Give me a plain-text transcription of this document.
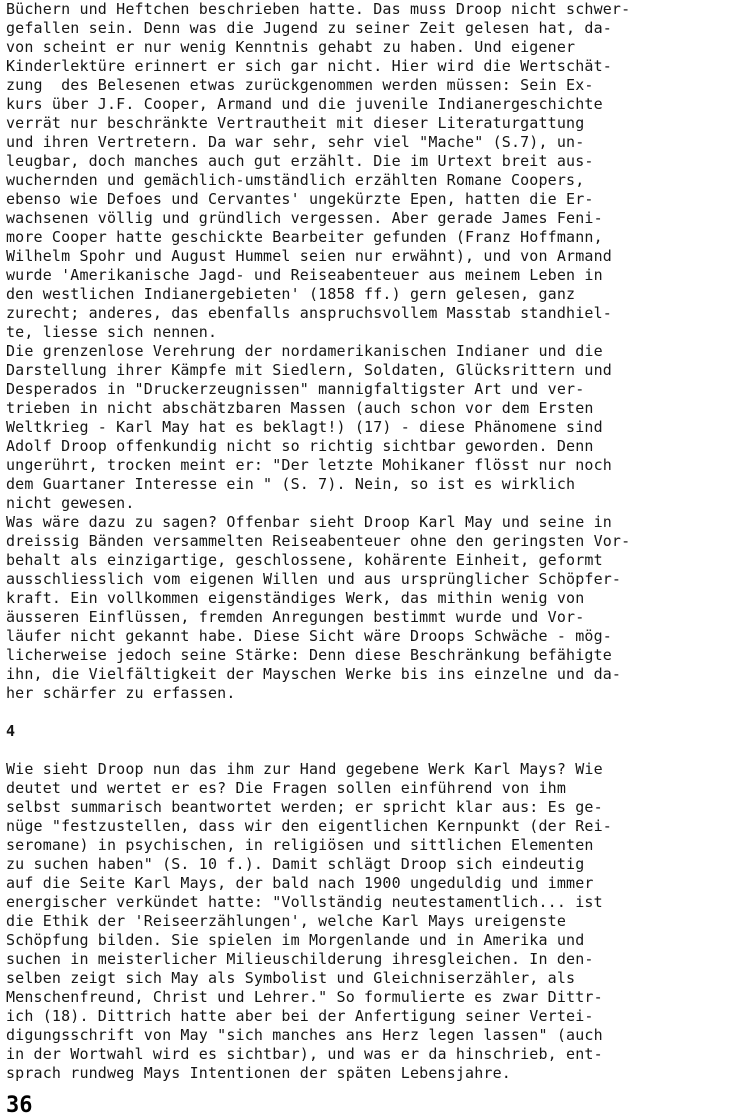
Büchern und Heftchen beschrieben hatte. Das muss Droop nicht schwer-
gefallen sein. Denn was die Jugend zu seiner Zeit gelesen hat, da-
von scheint er nur wenig Kenntnis gehabt zu haben. Und eigener
Kinderlektüre erinnert er sich gar nicht. Hier wird die Wertschät-
zung  des Belesenen etwas zurückgenommen werden müssen: Sein Ex-
kurs über J.F. Cooper, Armand und die juvenile Indianergeschichte
verrät nur beschränkte Vertrautheit mit dieser Literaturgattung
und ihren Vertretern. Da war sehr, sehr viel "Mache" (S.7), un-
leugbar, doch manches auch gut erzählt. Die im Urtext breit aus-
wuchernden und gemächlich-umständlich erzählten Romane Coopers,
ebenso wie Defoes und Cervantes' ungekürzte Epen, hatten die Er-
wachsenen völlig und gründlich vergessen. Aber gerade James Feni-
more Cooper hatte geschickte Bearbeiter gefunden (Franz Hoffmann,
Wilhelm Spohr und August Hummel seien nur erwähnt), und von Armand
wurde 'Amerikanische Jagd- und Reiseabenteuer aus meinem Leben in
den westlichen Indianergebieten' (1858 ff.) gern gelesen, ganz
zurecht; anderes, das ebenfalls anspruchsvollem Masstab standhiel-
te, liesse sich nennen.
Die grenzenlose Verehrung der nordamerikanischen Indianer und die
Darstellung ihrer Kämpfe mit Siedlern, Soldaten, Glücksrittern und
Desperados in "Druckerzeugnissen" mannigfaltigster Art und ver-
trieben in nicht abschätzbaren Massen (auch schon vor dem Ersten
Weltkrieg - Karl May hat es beklagt!) (17) - diese Phänomene sind
Adolf Droop offenkundig nicht so richtig sichtbar geworden. Denn
ungerührt, trocken meint er: "Der letzte Mohikaner flösst nur noch
dem Guartaner Interesse ein " (S. 7). Nein, so ist es wirklich
nicht gewesen.
Was wäre dazu zu sagen? Offenbar sieht Droop Karl May und seine in
dreissig Bänden versammelten Reiseabenteuer ohne den geringsten Vor-
behalt als einzigartige, geschlossene, kohärente Einheit, geformt
ausschliesslich vom eigenen Willen und aus ursprünglicher Schöpfer-
kraft. Ein vollkommen eigenständiges Werk, das mithin wenig von
äusseren Einflüssen, fremden Anregungen bestimmt wurde und Vor-
läufer nicht gekannt habe. Diese Sicht wäre Droops Schwäche - mög-
licherweise jedoch seine Stärke: Denn diese Beschränkung befähigte
ihn, die Vielfältigkeit der Mayschen Werke bis ins einzelne und da-
her schärfer zu erfassen.
4
Wie sieht Droop nun das ihm zur Hand gegebene Werk Karl Mays? Wie
deutet und wertet er es? Die Fragen sollen einführend von ihm
selbst summarisch beantwortet werden; er spricht klar aus: Es ge-
nüge "festzustellen, dass wir den eigentlichen Kernpunkt (der Rei-
seromane) in psychischen, in religiösen und sittlichen Elementen
zu suchen haben" (S. 10 f.). Damit schlägt Droop sich eindeutig
auf die Seite Karl Mays, der bald nach 1900 ungeduldig und immer
energischer verkündet hatte: "Vollständig neutestamentlich... ist
die Ethik der 'Reiseerzählungen', welche Karl Mays ureigenste
Schöpfung bilden. Sie spielen im Morgenlande und in Amerika und
suchen in meisterlicher Milieuschilderung ihresgleichen. In den-
selben zeigt sich May als Symbolist und Gleichniserzähler, als
Menschenfreund, Christ und Lehrer." So formulierte es zwar Dittr-
ich (18). Dittrich hatte aber bei der Anfertigung seiner Vertei-
digungsschrift von May "sich manches ans Herz legen lassen" (auch
in der Wortwahl wird es sichtbar), und was er da hinschrieb, ent-
sprach rundweg Mays Intentionen der späten Lebensjahre.
36
